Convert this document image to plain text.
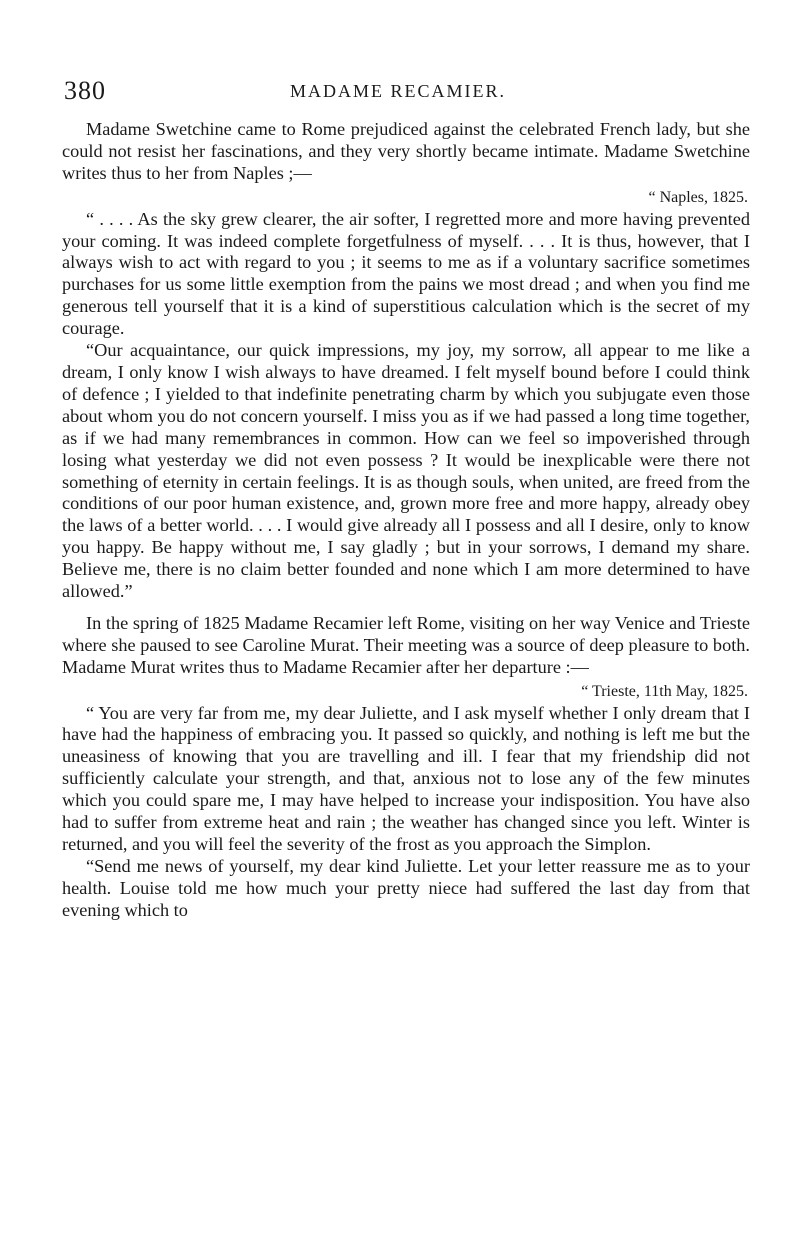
380	MADAME RECAMIER.

Madame Swetchine came to Rome prejudiced against the celebrated French lady, but she could not resist her fascinations, and they very shortly became intimate. Madame Swetchine writes thus to her from Naples ;—

“ Naples, 1825.

“ . . . . As the sky grew clearer, the air softer, I regretted more and more having prevented your coming. It was indeed complete forgetfulness of myself. . . . It is thus, however, that I always wish to act with regard to you ; it seems to me as if a voluntary sacrifice sometimes purchases for us some little exemption from the pains we most dread ; and when you find me generous tell yourself that it is a kind of superstitious calculation which is the secret of my courage.

“Our acquaintance, our quick impressions, my joy, my sorrow, all appear to me like a dream, I only know I wish always to have dreamed. I felt myself bound before I could think of defence ; I yielded to that indefinite penetrating charm by which you subjugate even those about whom you do not concern yourself. I miss you as if we had passed a long time together, as if we had many remembrances in common. How can we feel so impoverished through losing what yesterday we did not even possess ? It would be inexplicable were there not something of eternity in certain feelings. It is as though souls, when united, are freed from the conditions of our poor human existence, and, grown more free and more happy, already obey the laws of a better world. . . . I would give already all I possess and all I desire, only to know you happy. Be happy without me, I say gladly ; but in your sorrows, I demand my share. Believe me, there is no claim better founded and none which I am more determined to have allowed.”

In the spring of 1825 Madame Recamier left Rome, visiting on her way Venice and Trieste where she paused to see Caroline Murat. Their meeting was a source of deep pleasure to both. Madame Murat writes thus to Madame Recamier after her departure :—

“ Trieste, 11th May, 1825.

“ You are very far from me, my dear Juliette, and I ask myself whether I only dream that I have had the happiness of embracing you. It passed so quickly, and nothing is left me but the uneasiness of knowing that you are travelling and ill. I fear that my friendship did not sufficiently calculate your strength, and that, anxious not to lose any of the few minutes which you could spare me, I may have helped to increase your indisposition. You have also had to suffer from extreme heat and rain ; the weather has changed since you left. Winter is returned, and you will feel the severity of the frost as you approach the Simplon.

“Send me news of yourself, my dear kind Juliette. Let your letter reassure me as to your health. Louise told me how much your pretty niece had suffered the last day from that evening which to
